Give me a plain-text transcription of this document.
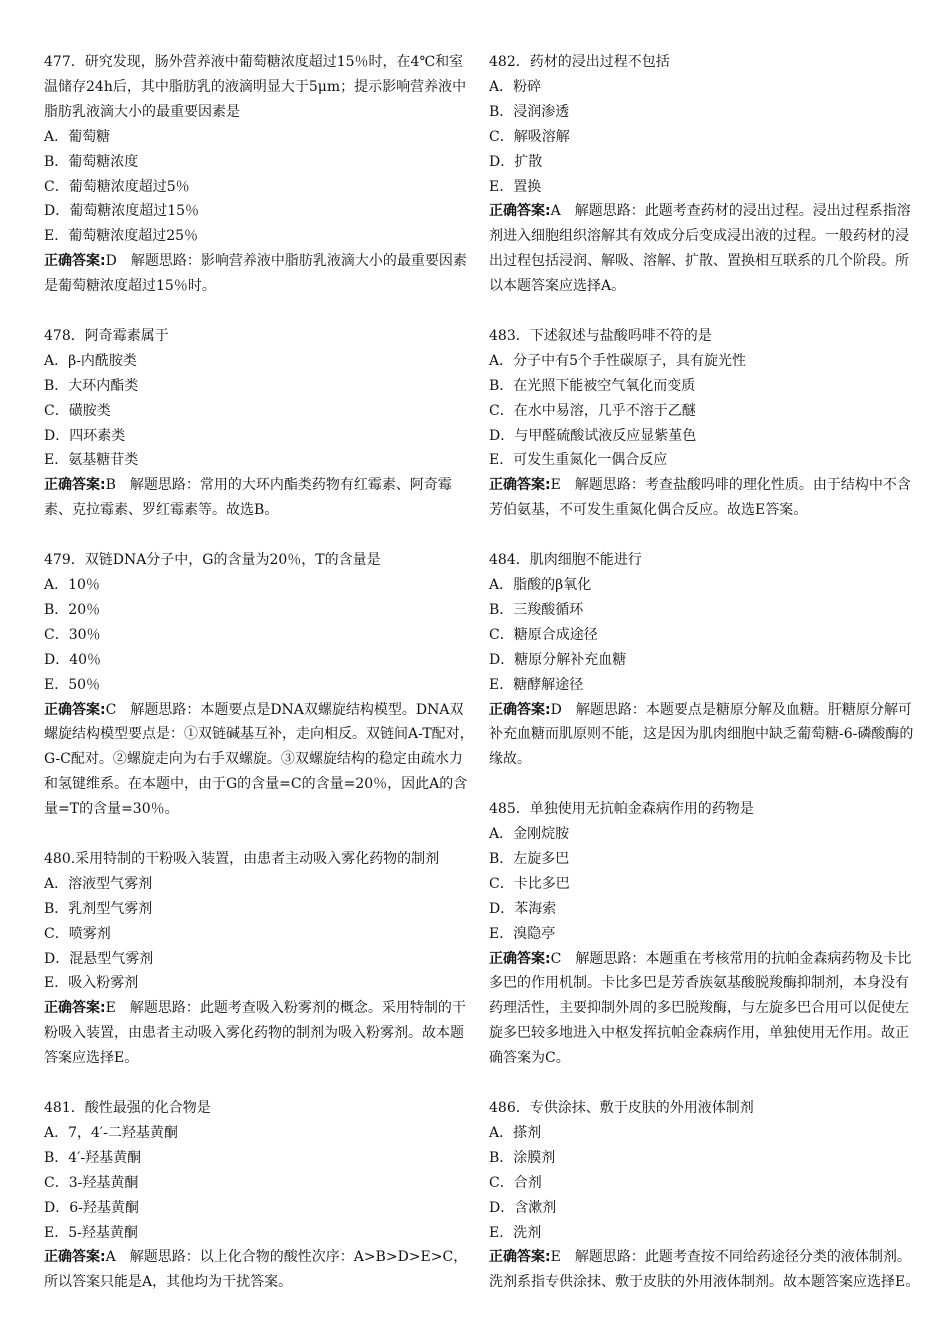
477．研究发现，肠外营养液中葡萄糖浓度超过15％时，在4℃和室温储存24h后，其中脂肪乳的液滴明显大于5μm；提示影响营养液中脂肪乳液滴大小的最重要因素是

A．葡萄糖

B．葡萄糖浓度

C．葡萄糖浓度超过5％

D．葡萄糖浓度超过15％

E．葡萄糖浓度超过25％

正确答案:D　解题思路：影响营养液中脂肪乳液滴大小的最重要因素是葡萄糖浓度超过15％时。

478．阿奇霉素属于

A．β-内酰胺类

B．大环内酯类

C．磺胺类

D．四环素类

E．氨基糖苷类

正确答案:B　解题思路：常用的大环内酯类药物有红霉素、阿奇霉素、克拉霉素、罗红霉素等。故选B。

479．双链DNA分子中，G的含量为20％，T的含量是

A．10％

B．20％

C．30％

D．40％

E．50％

正确答案:C　解题思路：本题要点是DNA双螺旋结构模型。DNA双螺旋结构模型要点是：①双链碱基互补，走向相反。双链间A-T配对，G-C配对。②螺旋走向为右手双螺旋。③双螺旋结构的稳定由疏水力和氢键维系。在本题中，由于G的含量=C的含量=20％，因此A的含量=T的含量=30％。

480.采用特制的干粉吸入装置，由患者主动吸入雾化药物的制剂

A．溶液型气雾剂

B．乳剂型气雾剂

C．喷雾剂

D．混悬型气雾剂

E．吸入粉雾剂

正确答案:E　解题思路：此题考查吸入粉雾剂的概念。采用特制的干粉吸入装置，由患者主动吸入雾化药物的制剂为吸入粉雾剂。故本题答案应选择E。

481．酸性最强的化合物是

A．7，4′-二羟基黄酮

B．4′-羟基黄酮

C．3-羟基黄酮

D．6-羟基黄酮

E．5-羟基黄酮

正确答案:A　解题思路：以上化合物的酸性次序：A>B>D>E>C，所以答案只能是A，其他均为干扰答案。

482．药材的浸出过程不包括

A．粉碎

B．浸润渗透

C．解吸溶解

D．扩散

E．置换

正确答案:A　解题思路：此题考查药材的浸出过程。浸出过程系指溶剂进入细胞组织溶解其有效成分后变成浸出液的过程。一般药材的浸出过程包括浸润、解吸、溶解、扩散、置换相互联系的几个阶段。所以本题答案应选择A。

483．下述叙述与盐酸吗啡不符的是

A．分子中有5个手性碳原子，具有旋光性

B．在光照下能被空气氧化而变质

C．在水中易溶，几乎不溶于乙醚

D．与甲醛硫酸试液反应显紫堇色

E．可发生重氮化一偶合反应

正确答案:E　解题思路：考查盐酸吗啡的理化性质。由于结构中不含芳伯氨基，不可发生重氮化偶合反应。故选E答案。

484．肌肉细胞不能进行

A．脂酸的β氧化

B．三羧酸循环

C．糖原合成途径

D．糖原分解补充血糖

E．糖酵解途径

正确答案:D　解题思路：本题要点是糖原分解及血糖。肝糖原分解可补充血糖而肌原则不能，这是因为肌肉细胞中缺乏葡萄糖-6-磷酸酶的缘故。

485．单独使用无抗帕金森病作用的药物是

A．金刚烷胺

B．左旋多巴

C．卡比多巴

D．苯海索

E．溴隐亭

正确答案:C　解题思路：本题重在考核常用的抗帕金森病药物及卡比多巴的作用机制。卡比多巴是芳香族氨基酸脱羧酶抑制剂，本身没有药理活性，主要抑制外周的多巴脱羧酶，与左旋多巴合用可以促使左旋多巴较多地进入中枢发挥抗帕金森病作用，单独使用无作用。故正确答案为C。

486．专供涂抹、敷于皮肤的外用液体制剂

A．搽剂

B．涂膜剂

C．合剂

D．含漱剂

E．洗剂

正确答案:E　解题思路：此题考查按不同给药途径分类的液体制剂。洗剂系指专供涂抹、敷于皮肤的外用液体制剂。故本题答案应选择E。
